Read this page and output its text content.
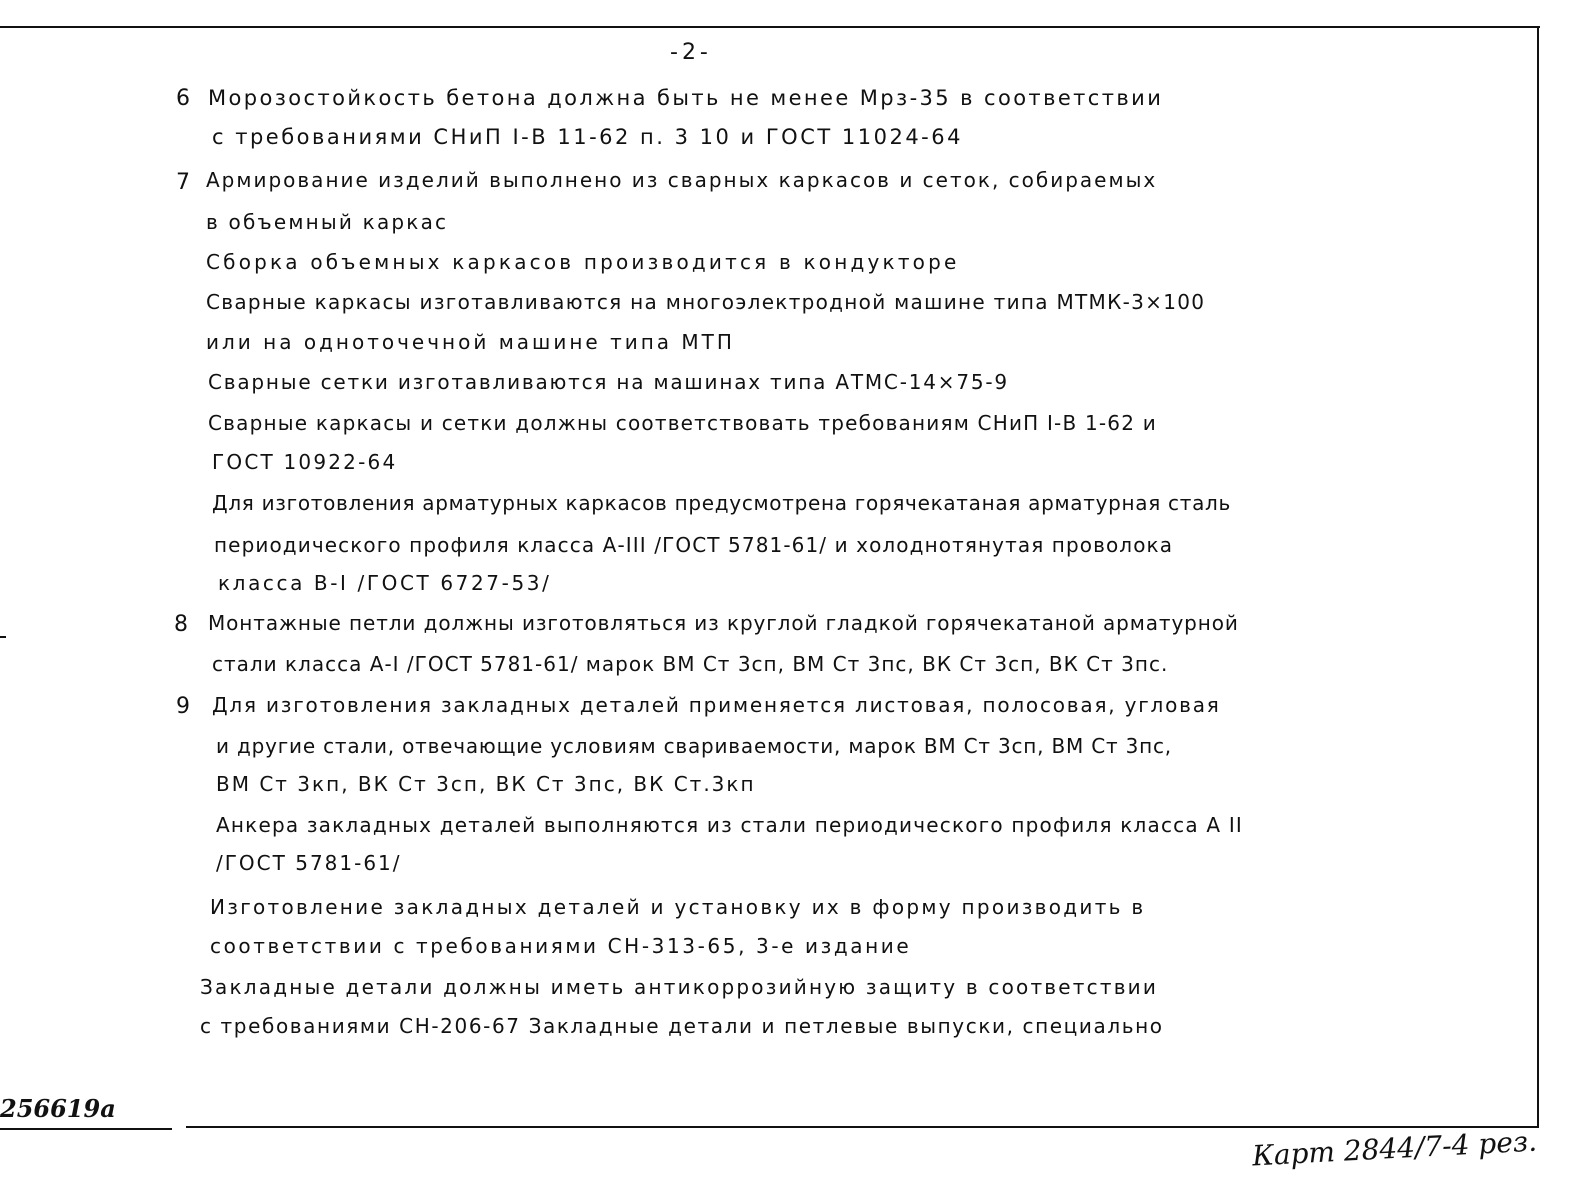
-2-
6 Морозостойкость бетона должна быть не менее Мрз-35 в соответствии
с требованиями СНиП I-В 11-62 п. 3 10 и ГОСТ 11024-64
7 Армирование изделий выполнено из сварных каркасов и сеток, собираемых
в объемный каркас
Сборка объемных каркасов производится в кондукторе
Сварные каркасы изготавливаются на многоэлектродной машине типа МТМК-3×100
или на одноточечной машине типа МТП
Сварные сетки изготавливаются на машинах типа АТМС-14×75-9
Сварные каркасы и сетки должны соответствовать требованиям СНиП I-В 1-62 и
ГОСТ 10922-64
Для изготовления арматурных каркасов предусмотрена горячекатаная арматурная сталь
периодического профиля класса А-III /ГОСТ 5781-61/ и холоднотянутая проволока
класса В-I /ГОСТ 6727-53/
8 Монтажные петли должны изготовляться из круглой гладкой горячекатаной арматурной
стали класса А-I /ГОСТ 5781-61/ марок ВМ Ст 3сп, ВМ Ст 3пс, ВК Ст 3сп, ВК Ст 3пс.
9 Для изготовления закладных деталей применяется листовая, полосовая, угловая
и другие стали, отвечающие условиям свариваемости, марок ВМ Ст 3сп, ВМ Ст 3пс,
ВМ Ст 3кп, ВК Ст 3сп, ВК Ст 3пс, ВК Ст.3кп
Анкера закладных деталей выполняются из стали периодического профиля класса А II
/ГОСТ 5781-61/
Изготовление закладных деталей и установку их в форму производить в
соответствии с требованиями СН-313-65, 3-е издание
Закладные детали должны иметь антикоррозийную защиту в соответствии
с требованиями СН-206-67 Закладные детали и петлевые выпуски, специально
256619а
Карт 2844/7-4 рез.
